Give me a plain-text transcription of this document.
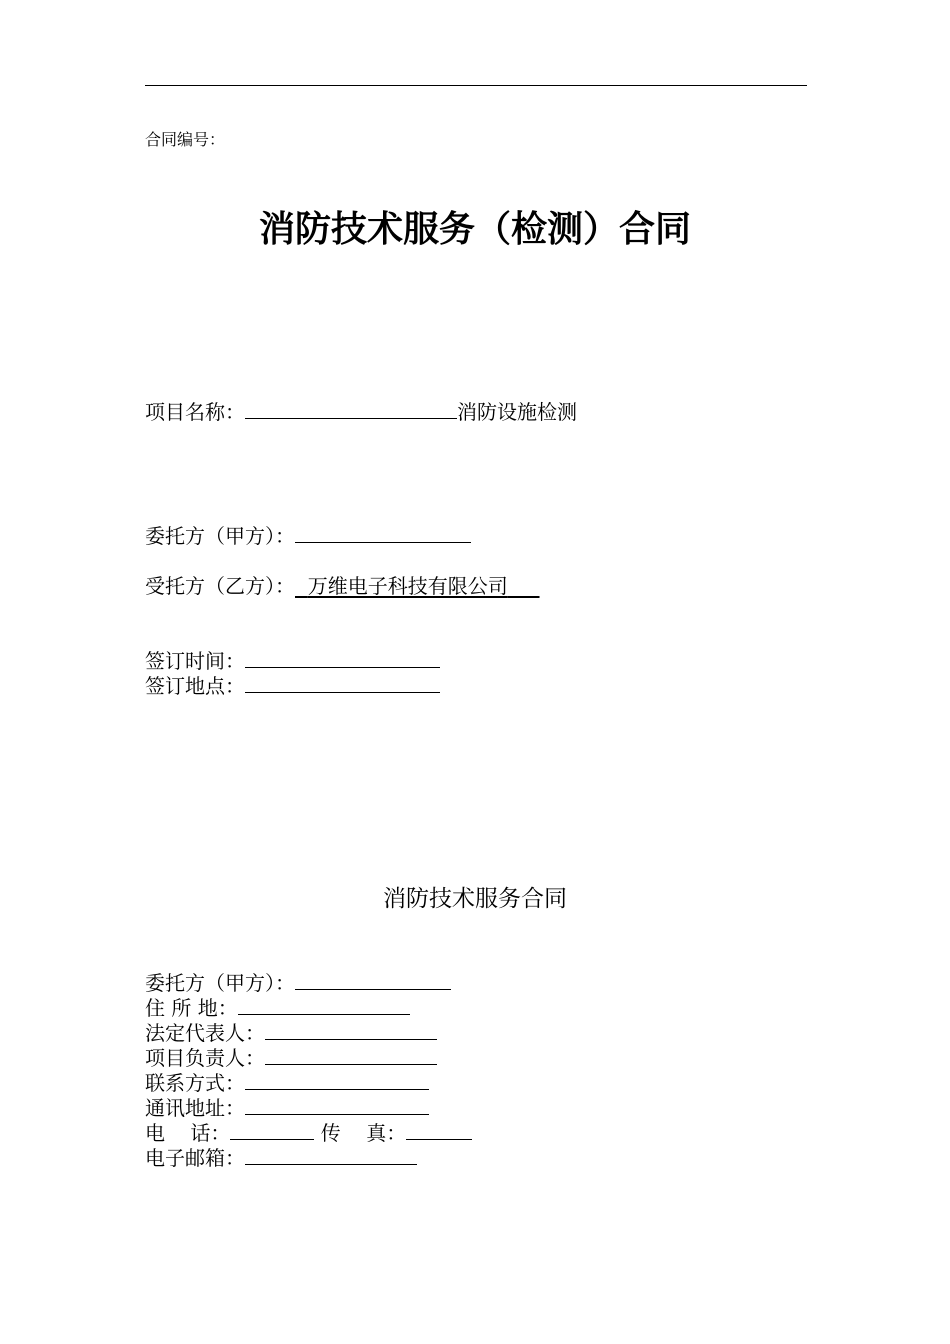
合同编号：
消防技术服务（检测）合同
项目名称：	消防设施检测
委托方（甲方）：
受托方（乙方）： 万维电子科技有限公司
签订时间：
签订地点：
消防技术服务合同
委托方（甲方）：
住 所 地：
法定代表人：
项目负责人：
联系方式：
通讯地址：
电    话：	传    真：
电子邮箱：
